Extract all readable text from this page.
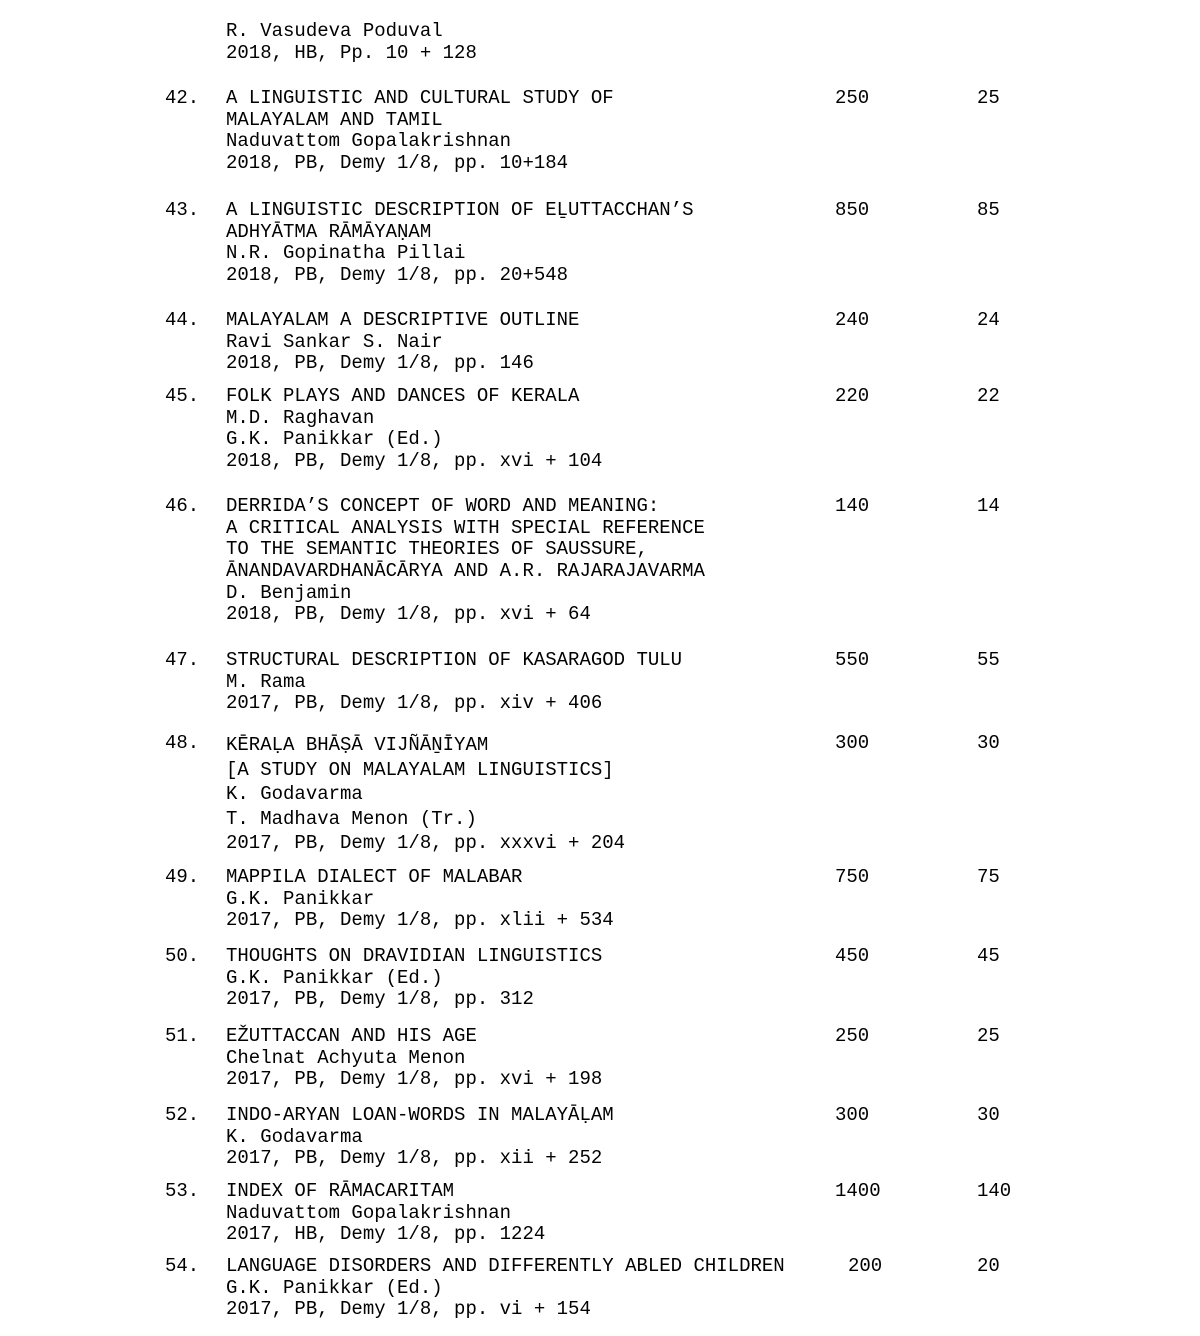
R. Vasudeva Poduval
2018, HB, Pp. 10 + 128
42. A LINGUISTIC AND CULTURAL STUDY OF
MALAYALAM AND TAMIL
Naduvattom Gopalakrishnan
2018, PB, Demy 1/8, pp. 10+184
250	25
43. A LINGUISTIC DESCRIPTION OF EḺUTTACCHAN’S
ADHYĀTMA RĀMĀYAṆAM
N.R. Gopinatha Pillai
2018, PB, Demy 1/8, pp. 20+548
850	85
44. MALAYALAM A DESCRIPTIVE OUTLINE
Ravi Sankar S. Nair
2018, PB, Demy 1/8, pp. 146
240	24
45. FOLK PLAYS AND DANCES OF KERALA
M.D. Raghavan
G.K. Panikkar (Ed.)
2018, PB, Demy 1/8, pp. xvi + 104
220	22
46. DERRIDA’S CONCEPT OF WORD AND MEANING:
A CRITICAL ANALYSIS WITH SPECIAL REFERENCE
TO THE SEMANTIC THEORIES OF SAUSSURE,
ĀNANDAVARDHANĀCĀRYA AND A.R. RAJARAJAVARMA
D. Benjamin
2018, PB, Demy 1/8, pp. xvi + 64
140	14
47. STRUCTURAL DESCRIPTION OF KASARAGOD TULU
M. Rama
2017, PB, Demy 1/8, pp. xiv + 406
550	55
48. KĒRAḶA BHĀṢĀ VIJÑĀṈĪYAM
[A STUDY ON MALAYALAM LINGUISTICS]
K. Godavarma
T. Madhava Menon (Tr.)
2017, PB, Demy 1/8, pp. xxxvi + 204
300	30
49. MAPPILA DIALECT OF MALABAR
G.K. Panikkar
2017, PB, Demy 1/8, pp. xlii + 534
750	75
50. THOUGHTS ON DRAVIDIAN LINGUISTICS
G.K. Panikkar (Ed.)
2017, PB, Demy 1/8, pp. 312
450	45
51. EŽUTTACCAN AND HIS AGE
Chelnat Achyuta Menon
2017, PB, Demy 1/8, pp. xvi + 198
250	25
52. INDO-ARYAN LOAN-WORDS IN MALAYĀḶAM
K. Godavarma
2017, PB, Demy 1/8, pp. xii + 252
300	30
53. INDEX OF RĀMACARITAM
Naduvattom Gopalakrishnan
2017, HB, Demy 1/8, pp. 1224
1400	140
54. LANGUAGE DISORDERS AND DIFFERENTLY ABLED CHILDREN
G.K. Panikkar (Ed.)
2017, PB, Demy 1/8, pp. vi + 154
200	20
